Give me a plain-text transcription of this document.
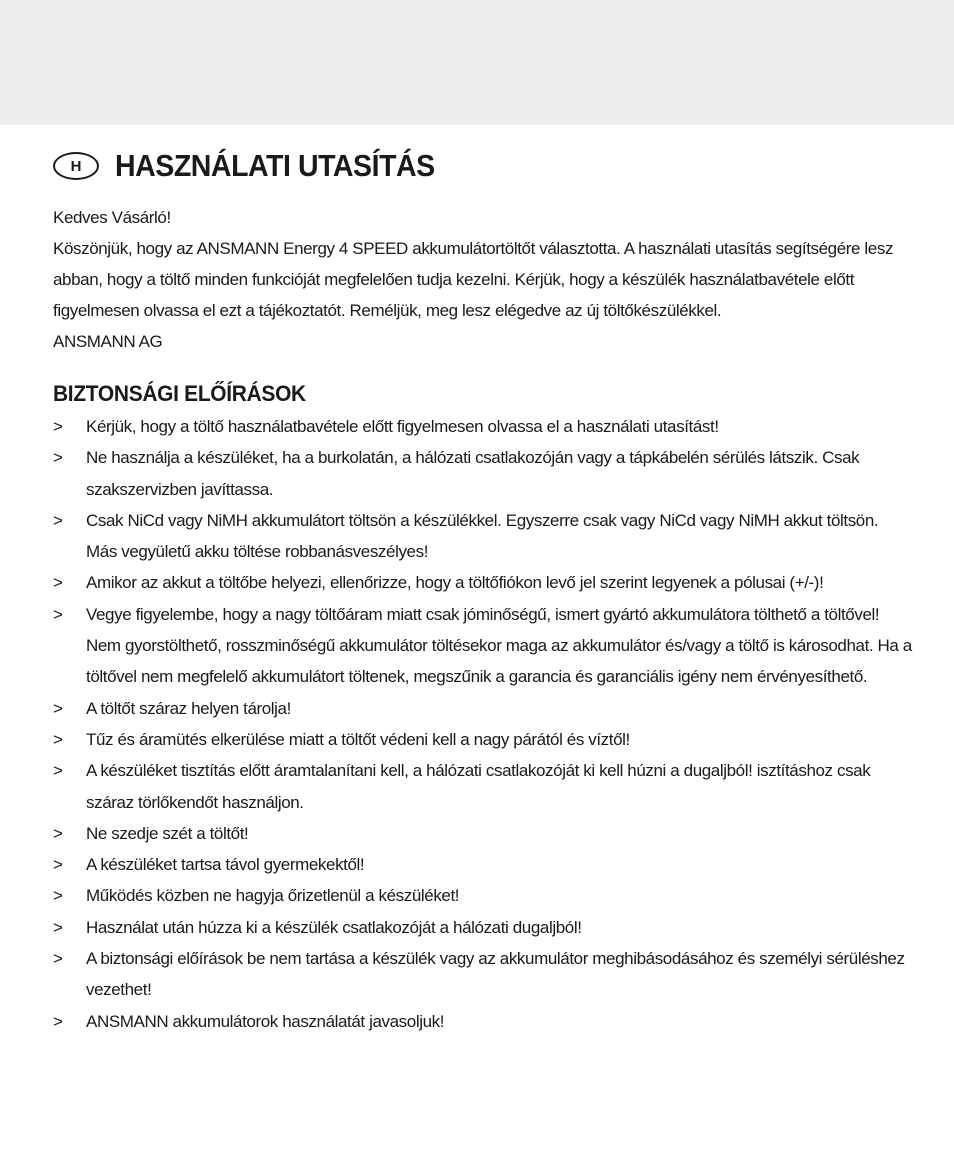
H	HASZNÁLATI UTASÍTÁS

Kedves Vásárló!

Köszönjük, hogy az ANSMANN Energy 4 SPEED akkumulátortöltőt választotta. A használati utasítás segítségére lesz abban, hogy a töltő minden funkcióját megfelelően tudja kezelni. Kérjük, hogy a készülék használatbavétele előtt figyelmesen olvassa el ezt a tájékoztatót. Reméljük, meg lesz elégedve az új töltőkészülékkel.

ANSMANN AG

BIZTONSÁGI ELŐÍRÁSOK
> Kérjük, hogy a töltő használatbavétele előtt figyelmesen olvassa el a használati utasítást!
> Ne használja a készüléket, ha a burkolatán, a hálózati csatlakozóján vagy a tápkábelén sérülés látszik. Csak szakszervizben javíttassa.
> Csak NiCd vagy NiMH akkumulátort töltsön a készülékkel. Egyszerre csak vagy NiCd vagy NiMH akkut töltsön. Más vegyületű akku töltése robbanásveszélyes!
> Amikor az akkut a töltőbe helyezi, ellenőrizze, hogy a töltőfiókon levő jel szerint legyenek a pólusai (+/-)!
> Vegye figyelembe, hogy a nagy töltőáram miatt csak jóminőségű, ismert gyártó akkumulátora tölthető a töltővel! Nem gyorstölthető, rosszminőségű akkumulátor töltésekor maga az akkumulátor és/vagy a töltő is károsodhat. Ha a töltővel nem megfelelő akkumulátort töltenek, megszűnik a garancia és garanciális igény nem érvényesíthető.
> A töltőt száraz helyen tárolja!
> Tűz és áramütés elkerülése miatt a töltőt védeni kell a nagy párától és víztől!
> A készüléket tisztítás előtt áramtalanítani kell, a hálózati csatlakozóját ki kell húzni a dugaljból! isztításhoz csak száraz törlőkendőt használjon.
> Ne szedje szét a töltőt!
> A készüléket tartsa távol gyermekektől!
> Működés közben ne hagyja őrizetlenül a készüléket!
> Használat után húzza ki a készülék csatlakozóját a hálózati dugaljból!
> A biztonsági előírások be nem tartása a készülék vagy az akkumulátor meghibásodásához és személyi sérüléshez vezethet!
> ANSMANN akkumulátorok használatát javasoljuk!
